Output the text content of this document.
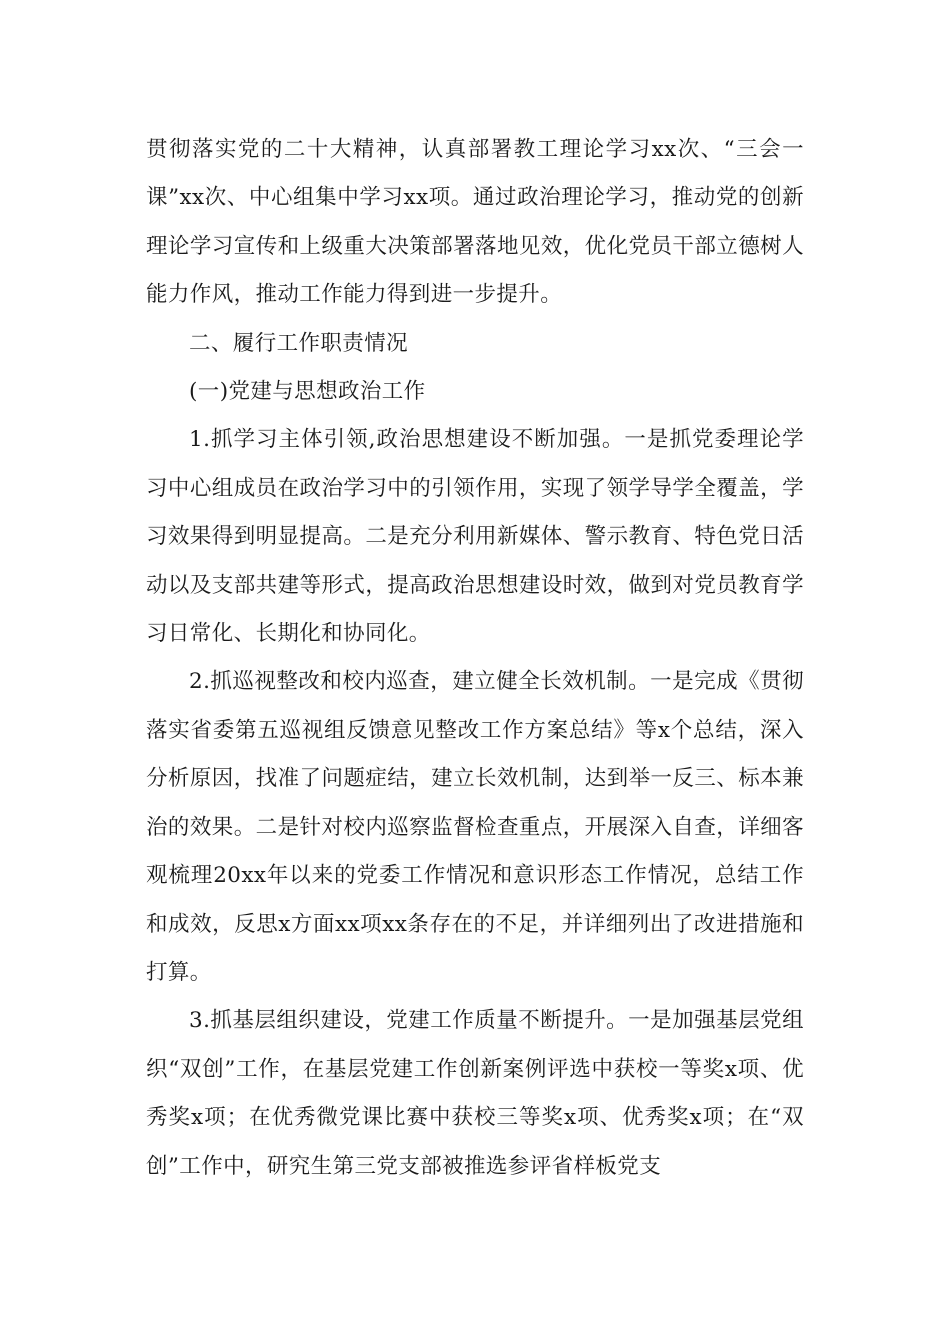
贯彻落实党的二十大精神，认真部署教工理论学习xx次、“三会一课”xx次、中心组集中学习xx项。通过政治理论学习，推动党的创新理论学习宣传和上级重大决策部署落地见效，优化党员干部立德树人能力作风，推动工作能力得到进一步提升。

二、履行工作职责情况

(一)党建与思想政治工作

1.抓学习主体引领,政治思想建设不断加强。一是抓党委理论学习中心组成员在政治学习中的引领作用，实现了领学导学全覆盖，学习效果得到明显提高。二是充分利用新媒体、警示教育、特色党日活动以及支部共建等形式，提高政治思想建设时效，做到对党员教育学习日常化、长期化和协同化。

2.抓巡视整改和校内巡查，建立健全长效机制。一是完成《贯彻落实省委第五巡视组反馈意见整改工作方案总结》等x个总结，深入分析原因，找准了问题症结，建立长效机制，达到举一反三、标本兼治的效果。二是针对校内巡察监督检查重点，开展深入自查，详细客观梳理20xx年以来的党委工作情况和意识形态工作情况，总结工作和成效，反思x方面xx项xx条存在的不足，并详细列出了改进措施和打算。

3.抓基层组织建设，党建工作质量不断提升。一是加强基层党组织“双创”工作，在基层党建工作创新案例评选中获校一等奖x项、优秀奖x项；在优秀微党课比赛中获校三等奖x项、优秀奖x项；在“双创”工作中，研究生第三党支部被推选参评省样板党支
